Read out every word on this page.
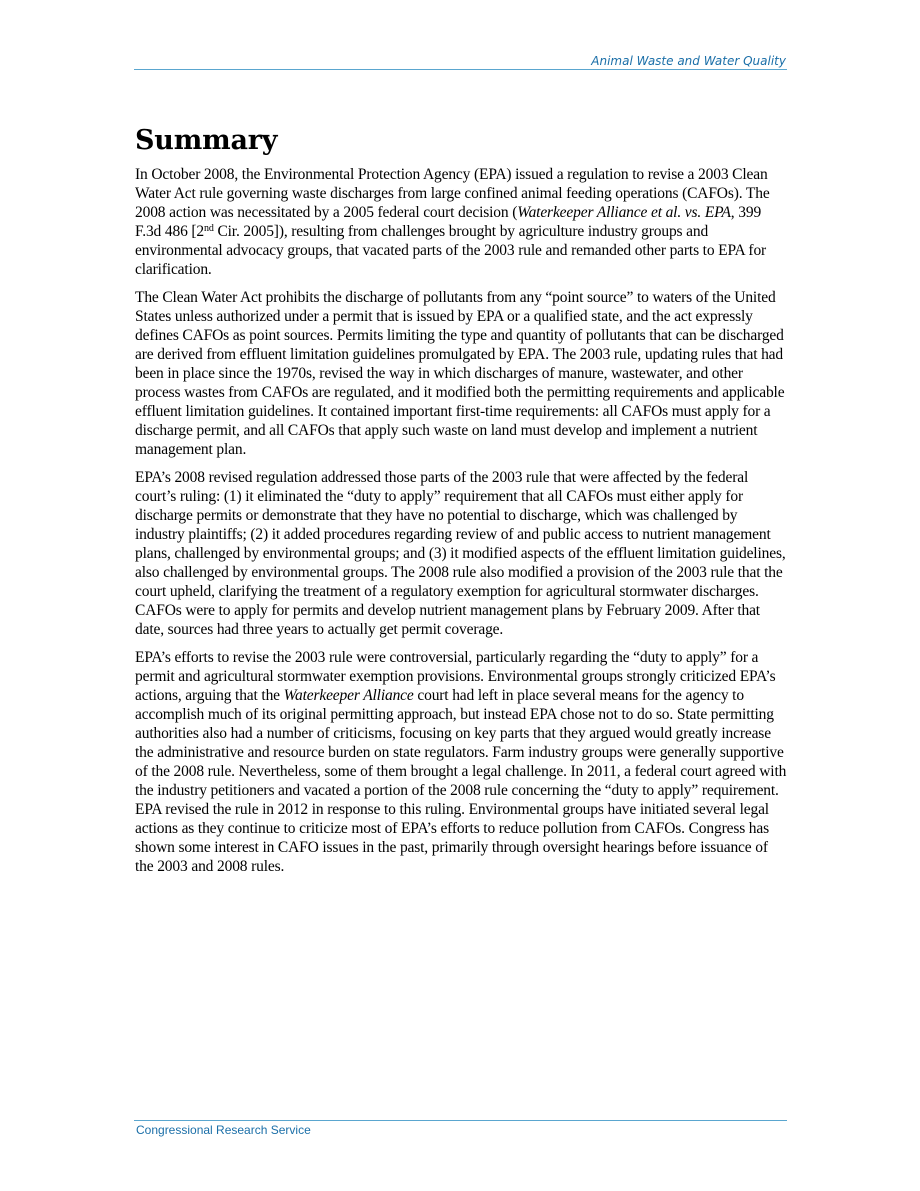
Animal Waste and Water Quality
Summary

In October 2008, the Environmental Protection Agency (EPA) issued a regulation to revise a 2003 Clean Water Act rule governing waste discharges from large confined animal feeding operations (CAFOs). The 2008 action was necessitated by a 2005 federal court decision (Waterkeeper Alliance et al. vs. EPA, 399 F.3d 486 [2nd Cir. 2005]), resulting from challenges brought by agriculture industry groups and environmental advocacy groups, that vacated parts of the 2003 rule and remanded other parts to EPA for clarification.

The Clean Water Act prohibits the discharge of pollutants from any “point source” to waters of the United States unless authorized under a permit that is issued by EPA or a qualified state, and the act expressly defines CAFOs as point sources. Permits limiting the type and quantity of pollutants that can be discharged are derived from effluent limitation guidelines promulgated by EPA. The 2003 rule, updating rules that had been in place since the 1970s, revised the way in which discharges of manure, wastewater, and other process wastes from CAFOs are regulated, and it modified both the permitting requirements and applicable effluent limitation guidelines. It contained important first-time requirements: all CAFOs must apply for a discharge permit, and all CAFOs that apply such waste on land must develop and implement a nutrient management plan.

EPA’s 2008 revised regulation addressed those parts of the 2003 rule that were affected by the federal court’s ruling: (1) it eliminated the “duty to apply” requirement that all CAFOs must either apply for discharge permits or demonstrate that they have no potential to discharge, which was challenged by industry plaintiffs; (2) it added procedures regarding review of and public access to nutrient management plans, challenged by environmental groups; and (3) it modified aspects of the effluent limitation guidelines, also challenged by environmental groups. The 2008 rule also modified a provision of the 2003 rule that the court upheld, clarifying the treatment of a regulatory exemption for agricultural stormwater discharges. CAFOs were to apply for permits and develop nutrient management plans by February 2009. After that date, sources had three years to actually get permit coverage.

EPA’s efforts to revise the 2003 rule were controversial, particularly regarding the “duty to apply” for a permit and agricultural stormwater exemption provisions. Environmental groups strongly criticized EPA’s actions, arguing that the Waterkeeper Alliance court had left in place several means for the agency to accomplish much of its original permitting approach, but instead EPA chose not to do so. State permitting authorities also had a number of criticisms, focusing on key parts that they argued would greatly increase the administrative and resource burden on state regulators. Farm industry groups were generally supportive of the 2008 rule. Nevertheless, some of them brought a legal challenge. In 2011, a federal court agreed with the industry petitioners and vacated a portion of the 2008 rule concerning the “duty to apply” requirement. EPA revised the rule in 2012 in response to this ruling. Environmental groups have initiated several legal actions as they continue to criticize most of EPA’s efforts to reduce pollution from CAFOs. Congress has shown some interest in CAFO issues in the past, primarily through oversight hearings before issuance of the 2003 and 2008 rules.

Congressional Research Service
